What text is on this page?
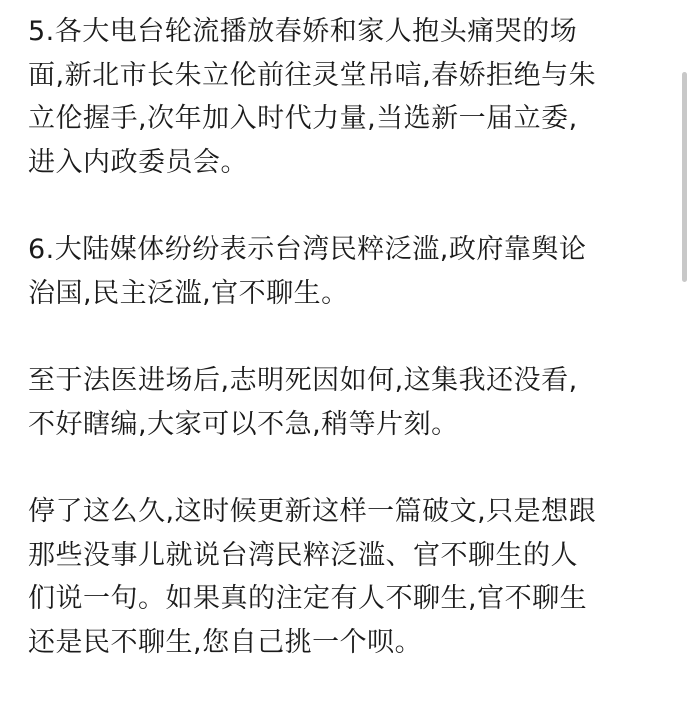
5.各大电台轮流播放春娇和家人抱头痛哭的场
面,新北市长朱立伦前往灵堂吊唁,春娇拒绝与朱
立伦握手,次年加入时代力量,当选新一届立委,
进入内政委员会。

6.大陆媒体纷纷表示台湾民粹泛滥,政府靠舆论
治国,民主泛滥,官不聊生。

至于法医进场后,志明死因如何,这集我还没看,
不好瞎编,大家可以不急,稍等片刻。

停了这么久,这时候更新这样一篇破文,只是想跟
那些没事儿就说台湾民粹泛滥、官不聊生的人
们说一句。如果真的注定有人不聊生,官不聊生
还是民不聊生,您自己挑一个呗。
